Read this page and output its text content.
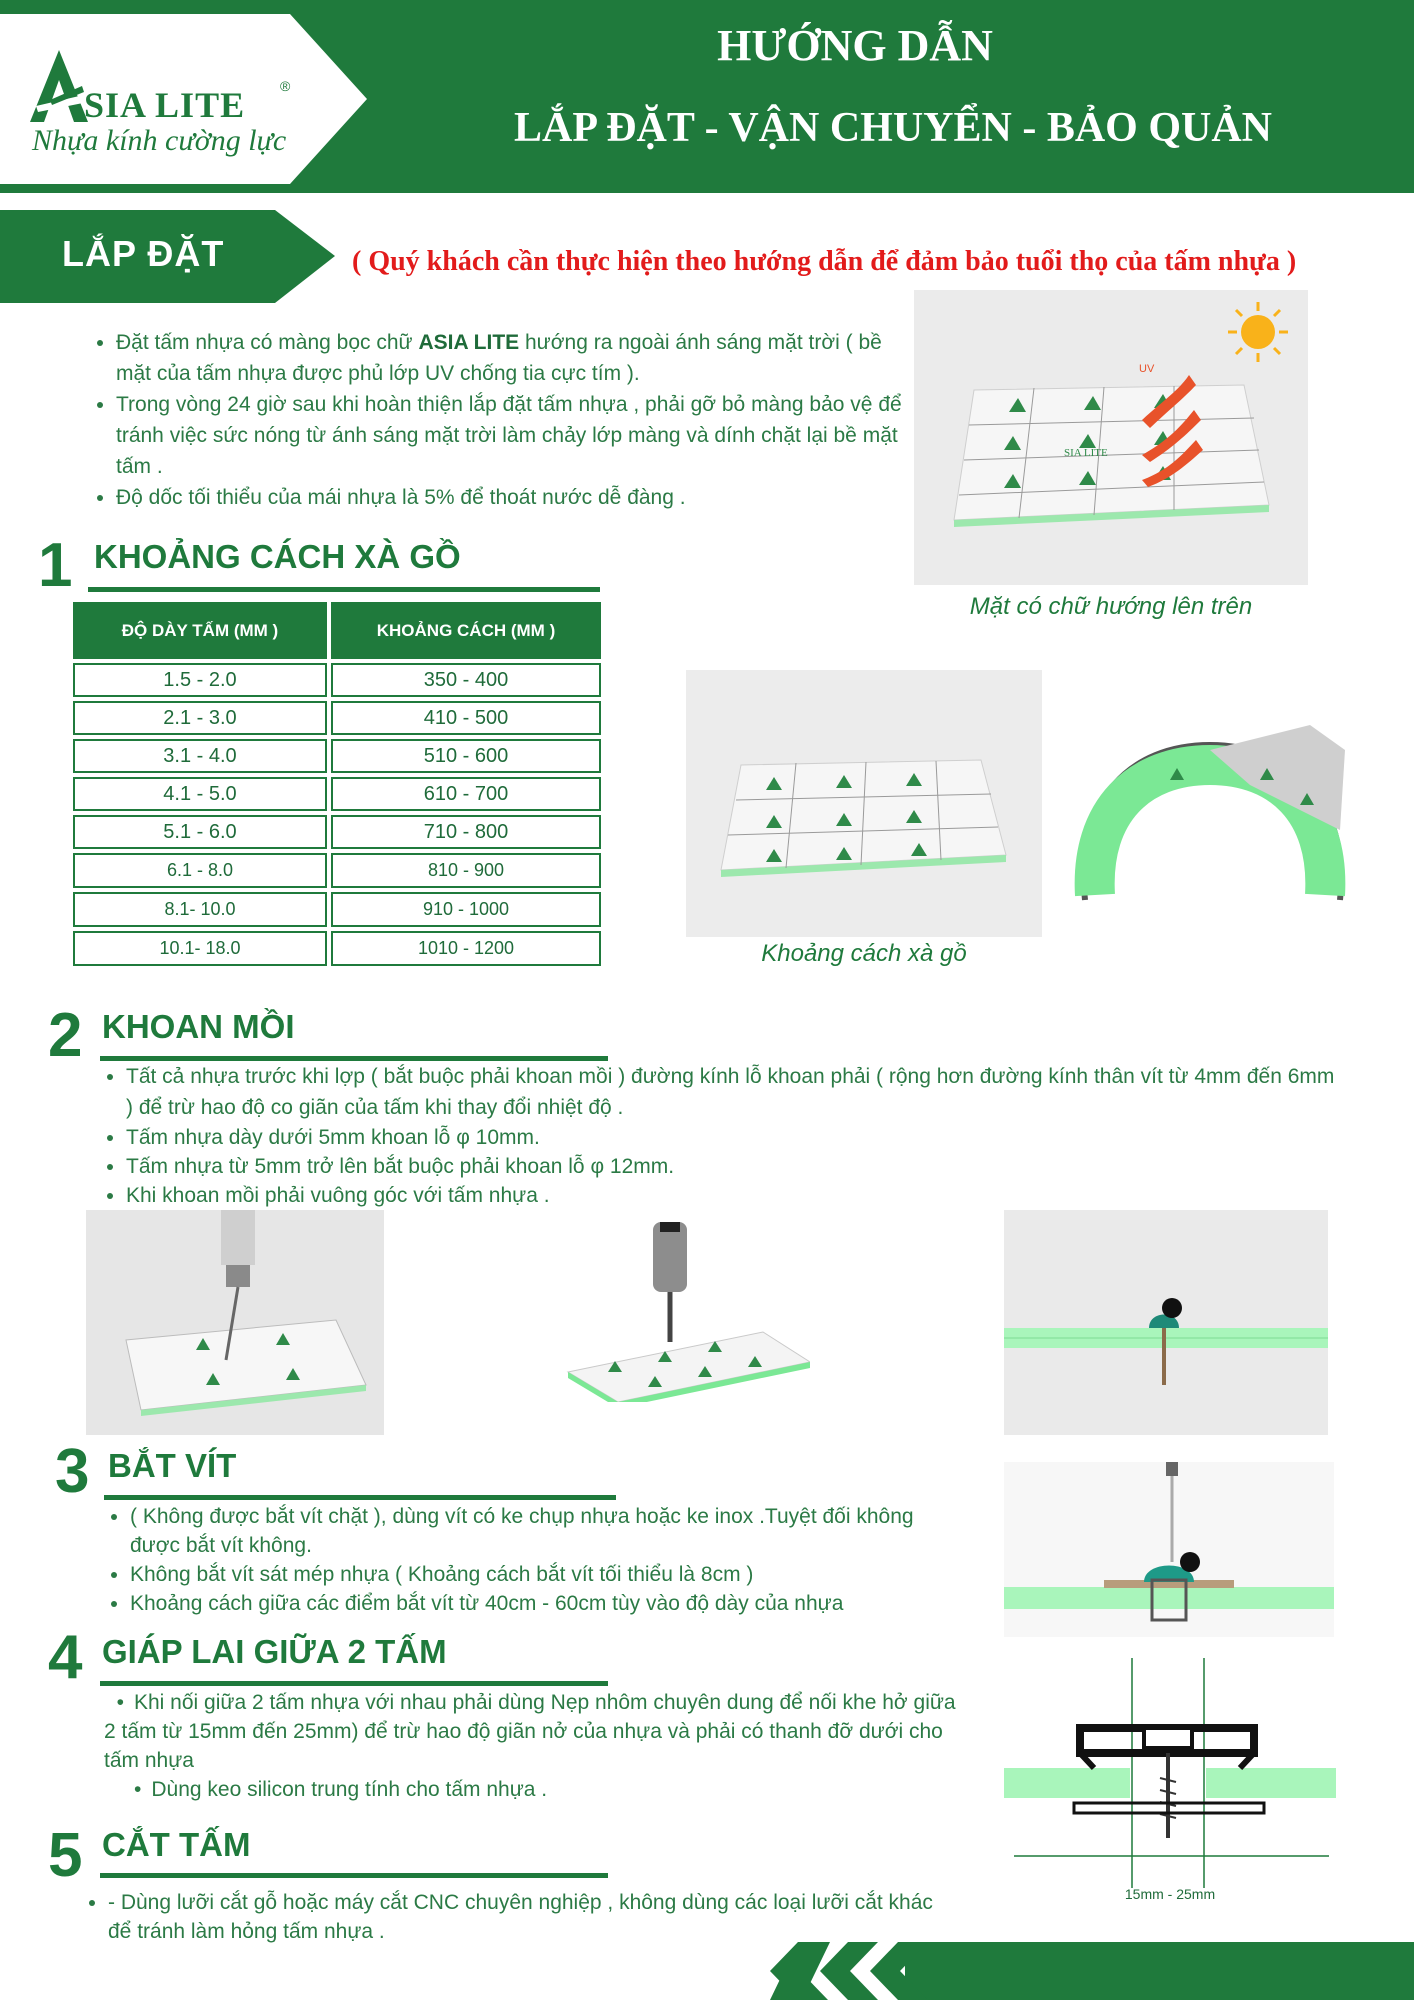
SIA LITE ®
Nhựa kính cường lực
HƯỚNG DẪN
LẮP ĐẶT - VẬN CHUYỂN - BẢO QUẢN
LẮP ĐẶT	( Quý khách cần thực hiện theo hướng dẫn để đảm bảo tuổi thọ của tấm nhựa )
• Đặt tấm nhựa có màng bọc chữ ASIA LITE hướng ra ngoài ánh sáng mặt trời ( bề mặt của tấm nhựa được phủ lớp UV chống tia cực tím ).
• Trong vòng 24 giờ sau khi hoàn thiện lắp đặt tấm nhựa , phải gỡ bỏ màng bảo vệ để tránh việc sức nóng từ ánh sáng mặt trời làm chảy lớp màng và dính chặt lại bề mặt tấm .
• Độ dốc tối thiểu của mái nhựa là 5% để thoát nước dễ đàng .
SIA LITE
UV
Mặt có chữ hướng lên trên
1 KHOẢNG CÁCH XÀ GỒ
ĐỘ DÀY TẤM (MM )	KHOẢNG CÁCH (MM )
1.5 - 2.0	350 - 400
2.1 - 3.0	410 - 500
3.1 - 4.0	510 - 600
4.1 - 5.0	610 - 700
5.1 - 6.0	710 - 800
6.1 - 8.0	810 - 900
8.1- 10.0	910 - 1000
10.1- 18.0	1010 - 1200	Khoảng cách xà gồ
2 KHOAN MỒI
• Tất cả nhựa trước khi lợp ( bắt buộc phải khoan mồi ) đường kính lỗ khoan phải ( rộng hơn đường kính thân vít từ 4mm đến 6mm ) để trừ hao độ co giãn của tấm khi thay đổi nhiệt độ .
• Tấm nhựa dày dưới 5mm khoan lỗ φ 10mm.
• Tấm nhựa từ 5mm trở lên bắt buộc phải khoan lỗ φ 12mm.
• Khi khoan mồi phải vuông góc với tấm nhựa .
3 BẮT VÍT
• ( Không được bắt vít chặt ), dùng vít có ke chụp nhựa hoặc ke inox .Tuyệt đối không được bắt vít không.
• Không bắt vít sát mép nhựa ( Khoảng cách bắt vít tối thiểu là 8cm )
• Khoảng cách giữa các điểm bắt vít từ 40cm - 60cm tùy vào độ dày của nhựa
4 GIÁP LAI GIỮA 2 TẤM
• Khi nối giữa 2 tấm nhựa với nhau phải dùng Nẹp nhôm chuyên dung để nối khe hở giữa 2 tấm từ 15mm đến 25mm) để trừ hao độ giãn nở của nhựa và phải có thanh đỡ dưới cho tấm nhựa
• Dùng keo silicon trung tính cho tấm nhựa .
15mm - 25mm
5 CẮT TẤM
• - Dùng lưỡi cắt gỗ hoặc máy cắt CNC chuyên nghiệp , không dùng các loại lưỡi cắt khác để tránh làm hỏng tấm nhựa .
